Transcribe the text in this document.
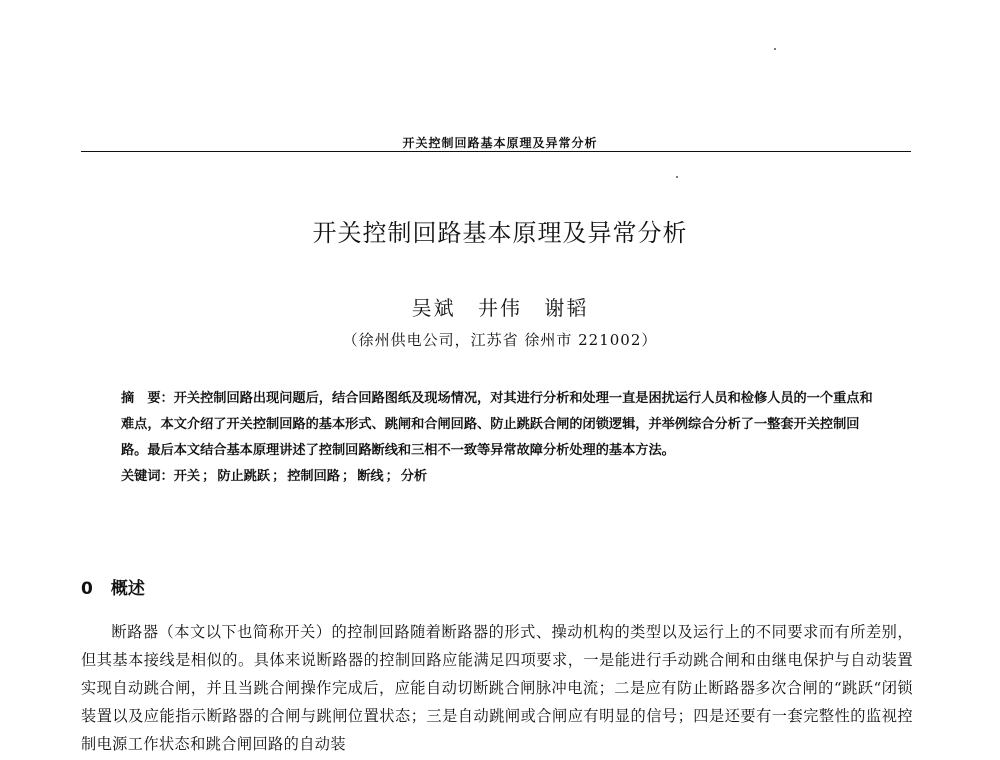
开关控制回路基本原理及异常分析
开关控制回路基本原理及异常分析
吴斌 井伟 谢韬
（徐州供电公司，江苏省 徐州市 221002）

摘　要：开关控制回路出现问题后，结合回路图纸及现场情况，对其进行分析和处理一直是困扰运行人员和检修人员的一个重点和难点，本文介绍了开关控制回路的基本形式、跳闸和合闸回路、防止跳跃合闸的闭锁逻辑，并举例综合分析了一整套开关控制回路。最后本文结合基本原理讲述了控制回路断线和三相不一致等异常故障分析处理的基本方法。

关键词：开关 ； 防止跳跃 ； 控制回路 ； 断线 ； 分析

0 概述

断路器（本文以下也简称开关）的控制回路随着断路器的形式、操动机构的类型以及运行上的不同要求而有所差别，但其基本接线是相似的。具体来说断路器的控制回路应能满足四项要求，一是能进行手动跳合闸和由继电保护与自动装置实现自动跳合闸，并且当跳合闸操作完成后，应能自动切断跳合闸脉冲电流；二是应有防止断路器多次合闸的“跳跃“闭锁装置以及应能指示断路器的合闸与跳闸位置状态；三是自动跳闸或合闸应有明显的信号；四是还要有一套完整性的监视控制电源工作状态和跳合闸回路的自动装
